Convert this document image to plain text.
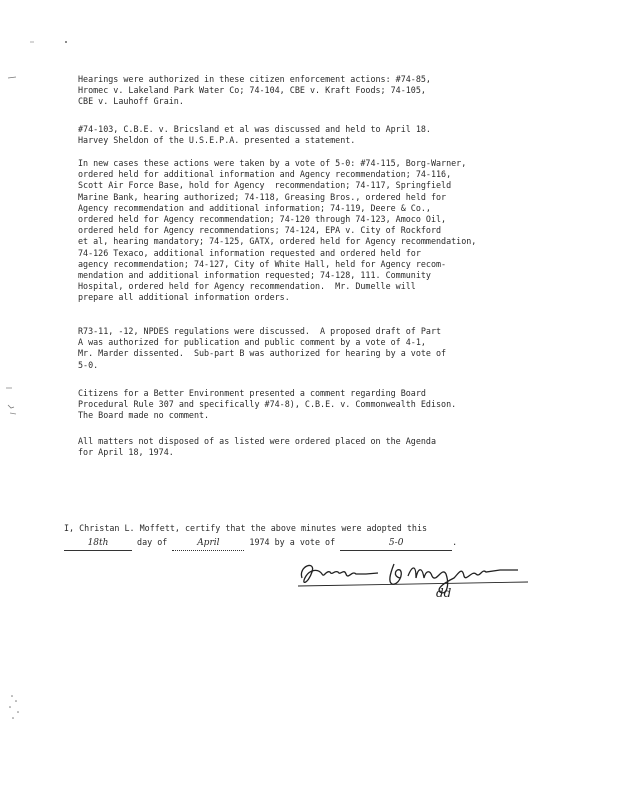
Hearings were authorized in these citizen enforcement actions: #74-85,
Hromec v. Lakeland Park Water Co; 74-104, CBE v. Kraft Foods; 74-105,
CBE v. Lauhoff Grain.
#74-103, C.B.E. v. Bricsland et al was discussed and held to April 18.
Harvey Sheldon of the U.S.E.P.A. presented a statement.
In new cases these actions were taken by a vote of 5-0: #74-115, Borg-Warner,
ordered held for additional information and Agency recommendation; 74-116,
Scott Air Force Base, hold for Agency  recommendation; 74-117, Springfield
Marine Bank, hearing authorized; 74-118, Greasing Bros., ordered held for
Agency recommendation and additional information; 74-119, Deere & Co.,
ordered held for Agency recommendation; 74-120 through 74-123, Amoco Oil,
ordered held for Agency recommendations; 74-124, EPA v. City of Rockford
et al, hearing mandatory; 74-125, GATX, ordered held for Agency recommendation,
74-126 Texaco, additional information requested and ordered held for
agency recommendation; 74-127, City of White Hall, held for Agency recom-
mendation and additional information requested; 74-128, 111. Community
Hospital, ordered held for Agency recommendation.  Mr. Dumelle will
prepare all additional information orders.
R73-11, -12, NPDES regulations were discussed.  A proposed draft of Part
A was authorized for publication and public comment by a vote of 4-1,
Mr. Marder dissented.  Sub-part B was authorized for hearing by a vote of
5-0.
Citizens for a Better Environment presented a comment regarding Board
Procedural Rule 307 and specifically #74-8), C.B.E. v. Commonwealth Edison.
The Board made no comment.
All matters not disposed of as listed were ordered placed on the Agenda
for April 18, 1974.
I, Christan L. Moffett, certify that the above minutes were adopted this
18th	day of	April	1974 by a vote of	5-0	.
dd
